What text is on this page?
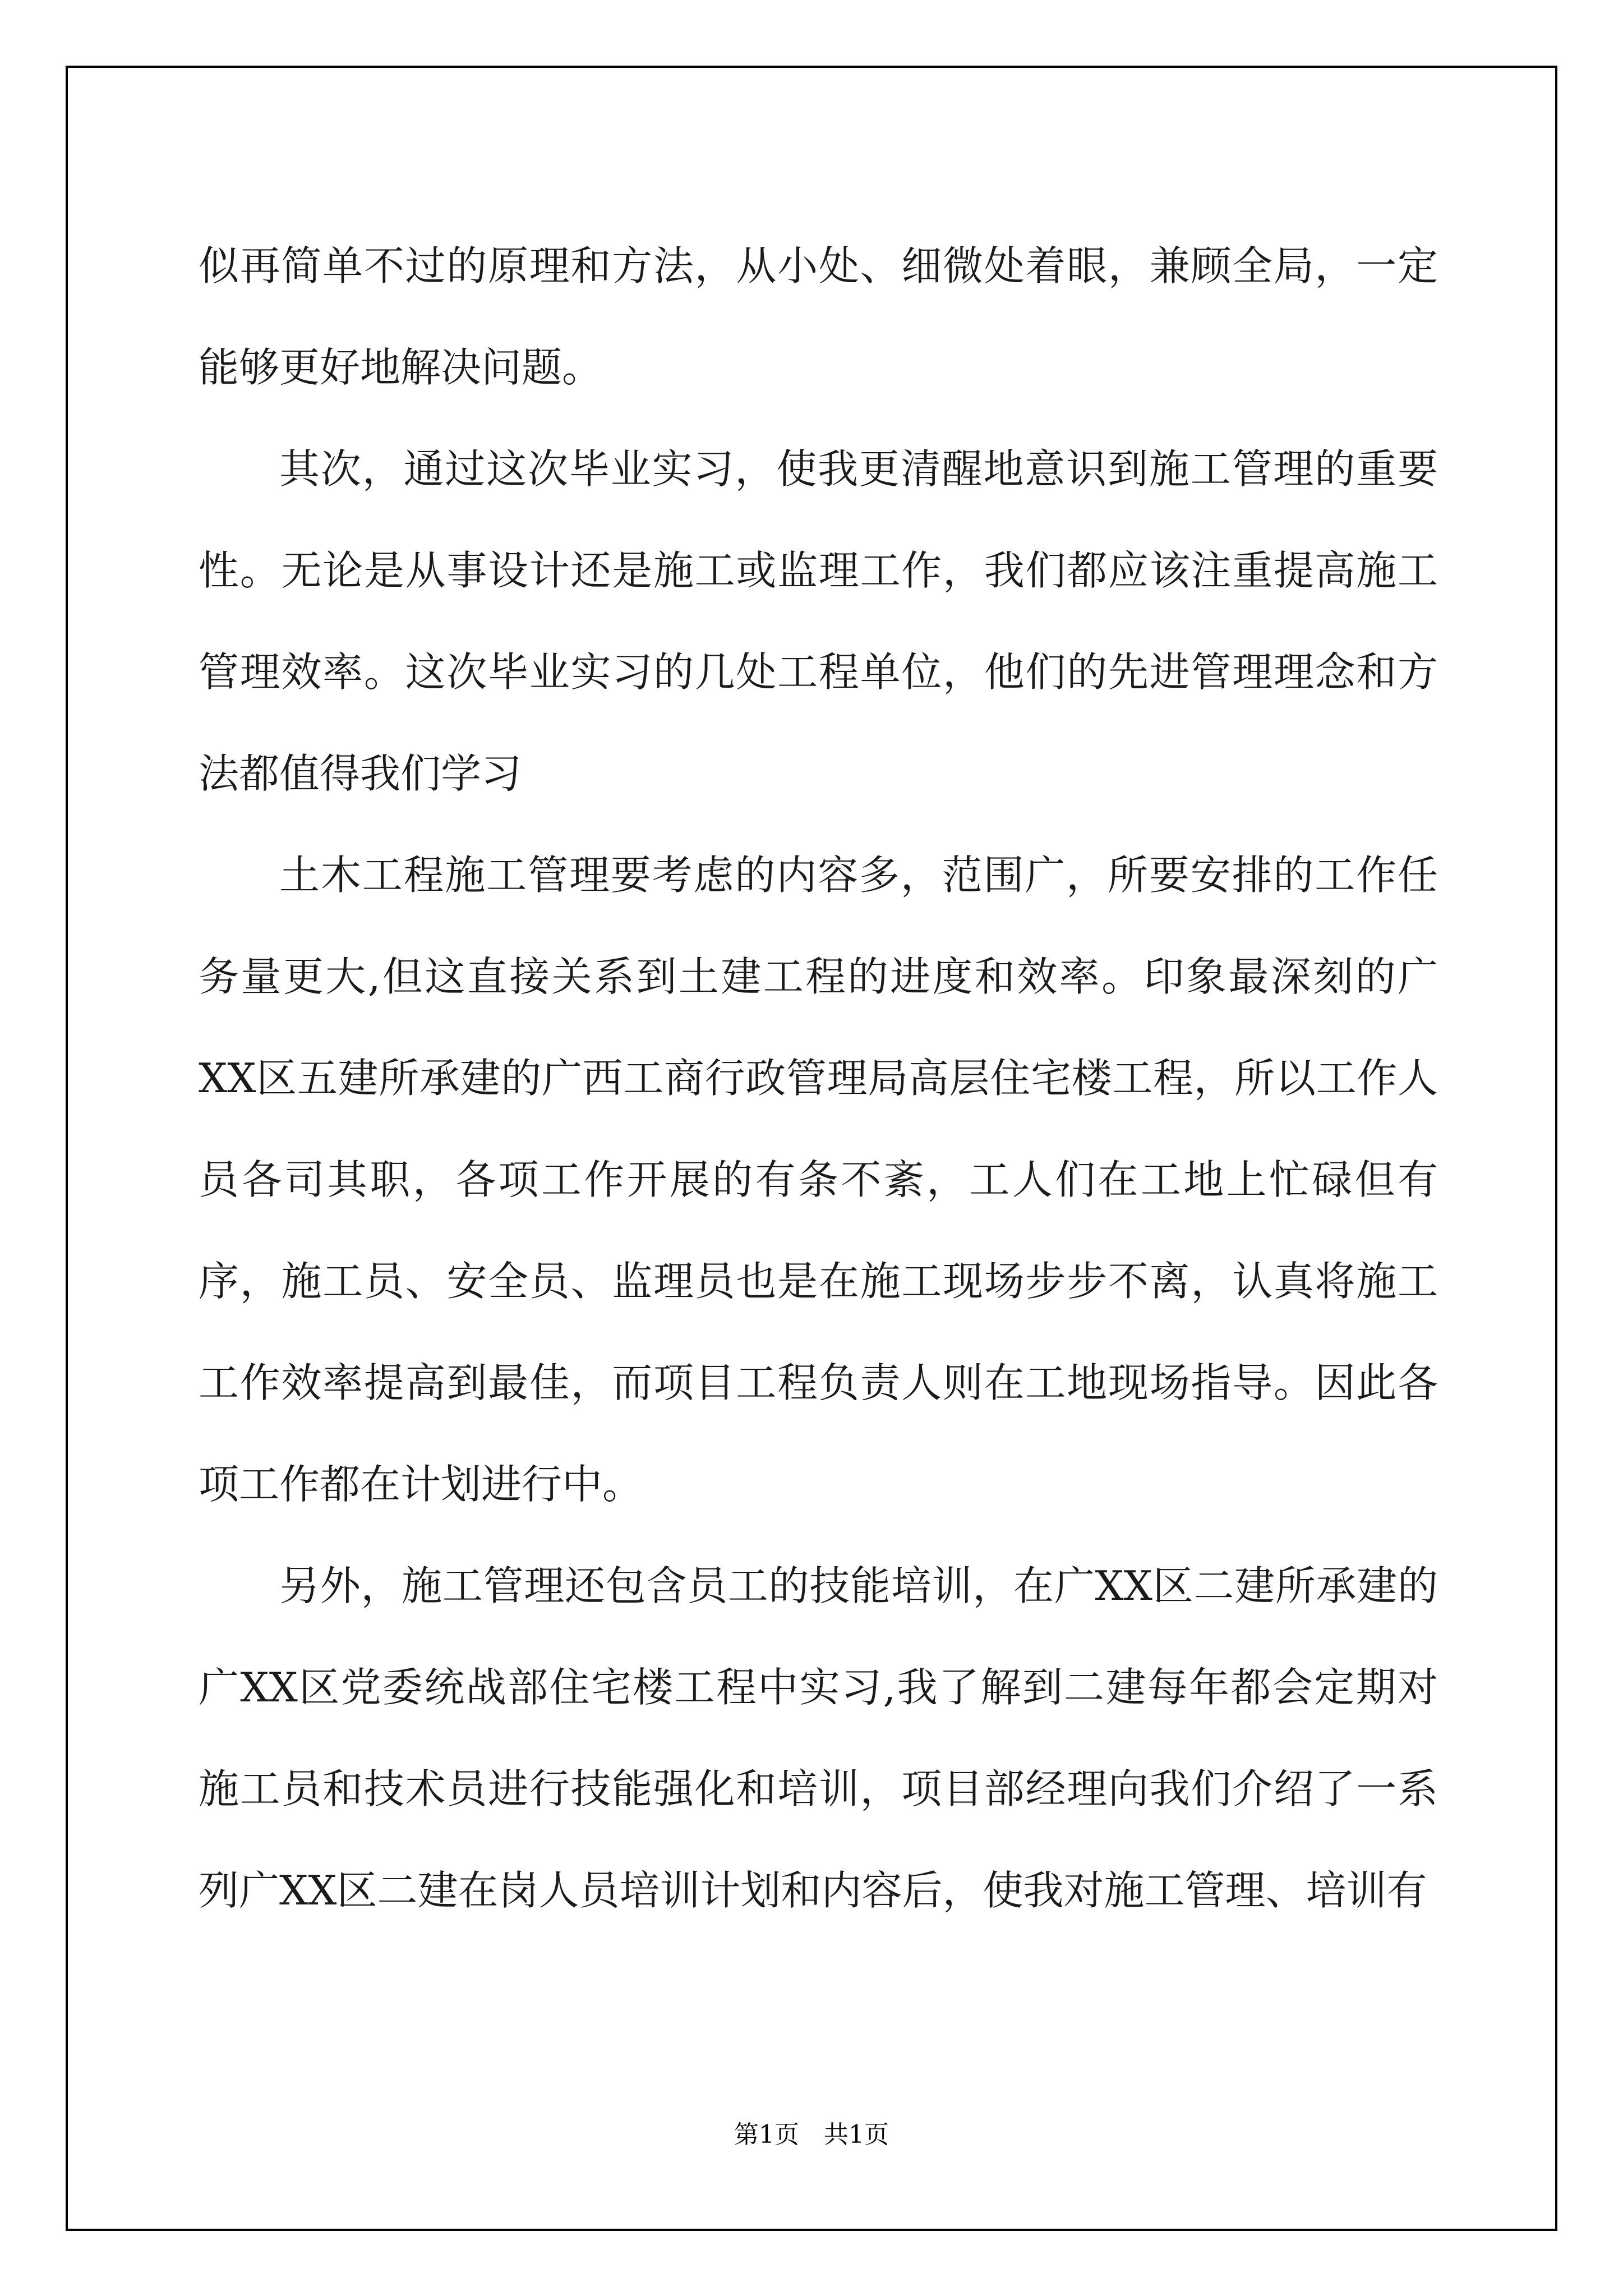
似再简单不过的原理和方法，从小处、细微处着眼，兼顾全局，一定能够更好地解决问题。

其次，通过这次毕业实习，使我更清醒地意识到施工管理的重要性。无论是从事设计还是施工或监理工作，我们都应该注重提高施工管理效率。这次毕业实习的几处工程单位，他们的先进管理理念和方法都值得我们学习

土木工程施工管理要考虑的内容多，范围广，所要安排的工作任务量更大,但这直接关系到土建工程的进度和效率。印象最深刻的广XX区五建所承建的广西工商行政管理局高层住宅楼工程，所以工作人员各司其职，各项工作开展的有条不紊，工人们在工地上忙碌但有序，施工员、安全员、监理员也是在施工现场步步不离，认真将施工工作效率提高到最佳，而项目工程负责人则在工地现场指导。因此各项工作都在计划进行中。

另外，施工管理还包含员工的技能培训，在广XX区二建所承建的广XX区党委统战部住宅楼工程中实习,我了解到二建每年都会定期对施工员和技术员进行技能强化和培训，项目部经理向我们介绍了一系列广XX区二建在岗人员培训计划和内容后，使我对施工管理、培训有

第1页　共1页
